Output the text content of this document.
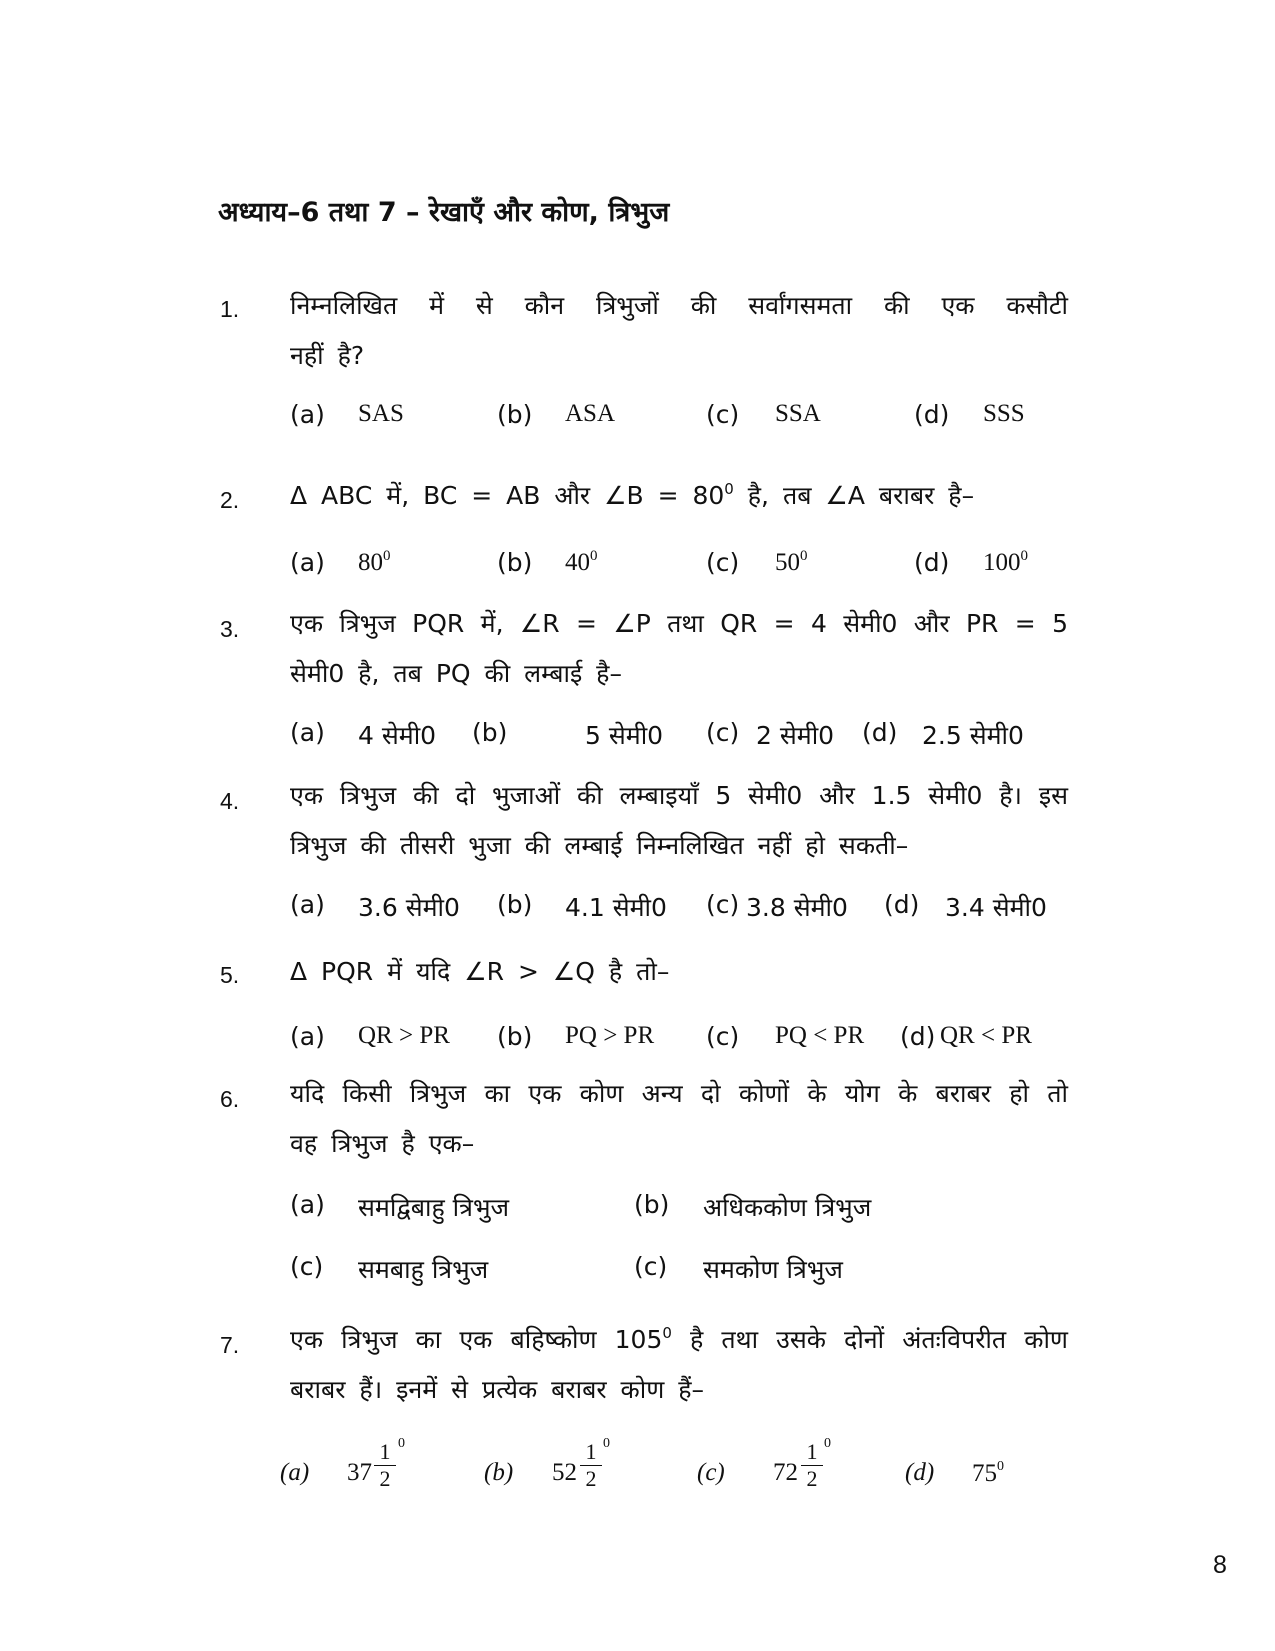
अध्याय–6 तथा 7 – रेखाएँ और कोण, त्रिभुज
1. निम्नलिखित में से कौन त्रिभुजों की सर्वांगसमता की एक कसौटी
नहीं है?
(a) SAS	(b) ASA	(c) SSA	(d) SSS
2. Δ ABC में, BC = AB और ∠B = $80^0$ है, तब ∠A बराबर है–
(a) $80^0$	(b) $40^0$	(c) $50^0$	(d) $100^0$
3. एक त्रिभुज PQR में, ∠R = ∠P तथा QR = 4 सेमी0 और PR = 5
सेमी0 है, तब PQ की लम्बाई है–
(a) 4 सेमी0 (b)	5 सेमी0 (c) 2 सेमी0 (d) 2.5 सेमी0
4. एक त्रिभुज की दो भुजाओं की लम्बाइयाँ 5 सेमी0 और 1.5 सेमी0 है। इस
त्रिभुज की तीसरी भुजा की लम्बाई निम्नलिखित नहीं हो सकती–
(a) 3.6 सेमी0 (b) 4.1 सेमी0 (c) 3.8 सेमी0 (d) 3.4 सेमी0
5. Δ PQR में यदि ∠R > ∠Q है तो–
(a) QR > PR (b) PQ > PR (c) PQ < PR (d) QR < PR
6. यदि किसी त्रिभुज का एक कोण अन्य दो कोणों के योग के बराबर हो तो
वह त्रिभुज है एक–
(a) समद्विबाहु त्रिभुज	(b) अधिककोण त्रिभुज
(c) समबाहु त्रिभुज	(c) समकोण त्रिभुज
7. एक त्रिभुज का एक बहिष्कोण $105^0$ है तथा उसके दोनों अंतःविपरीत कोण
बराबर हैं। इनमें से प्रत्येक बराबर कोण हैं–
(a) 37
1
2
0
(b) 52
1
2
0
(c) 72
1
2
0
(d) $75^0$
8
